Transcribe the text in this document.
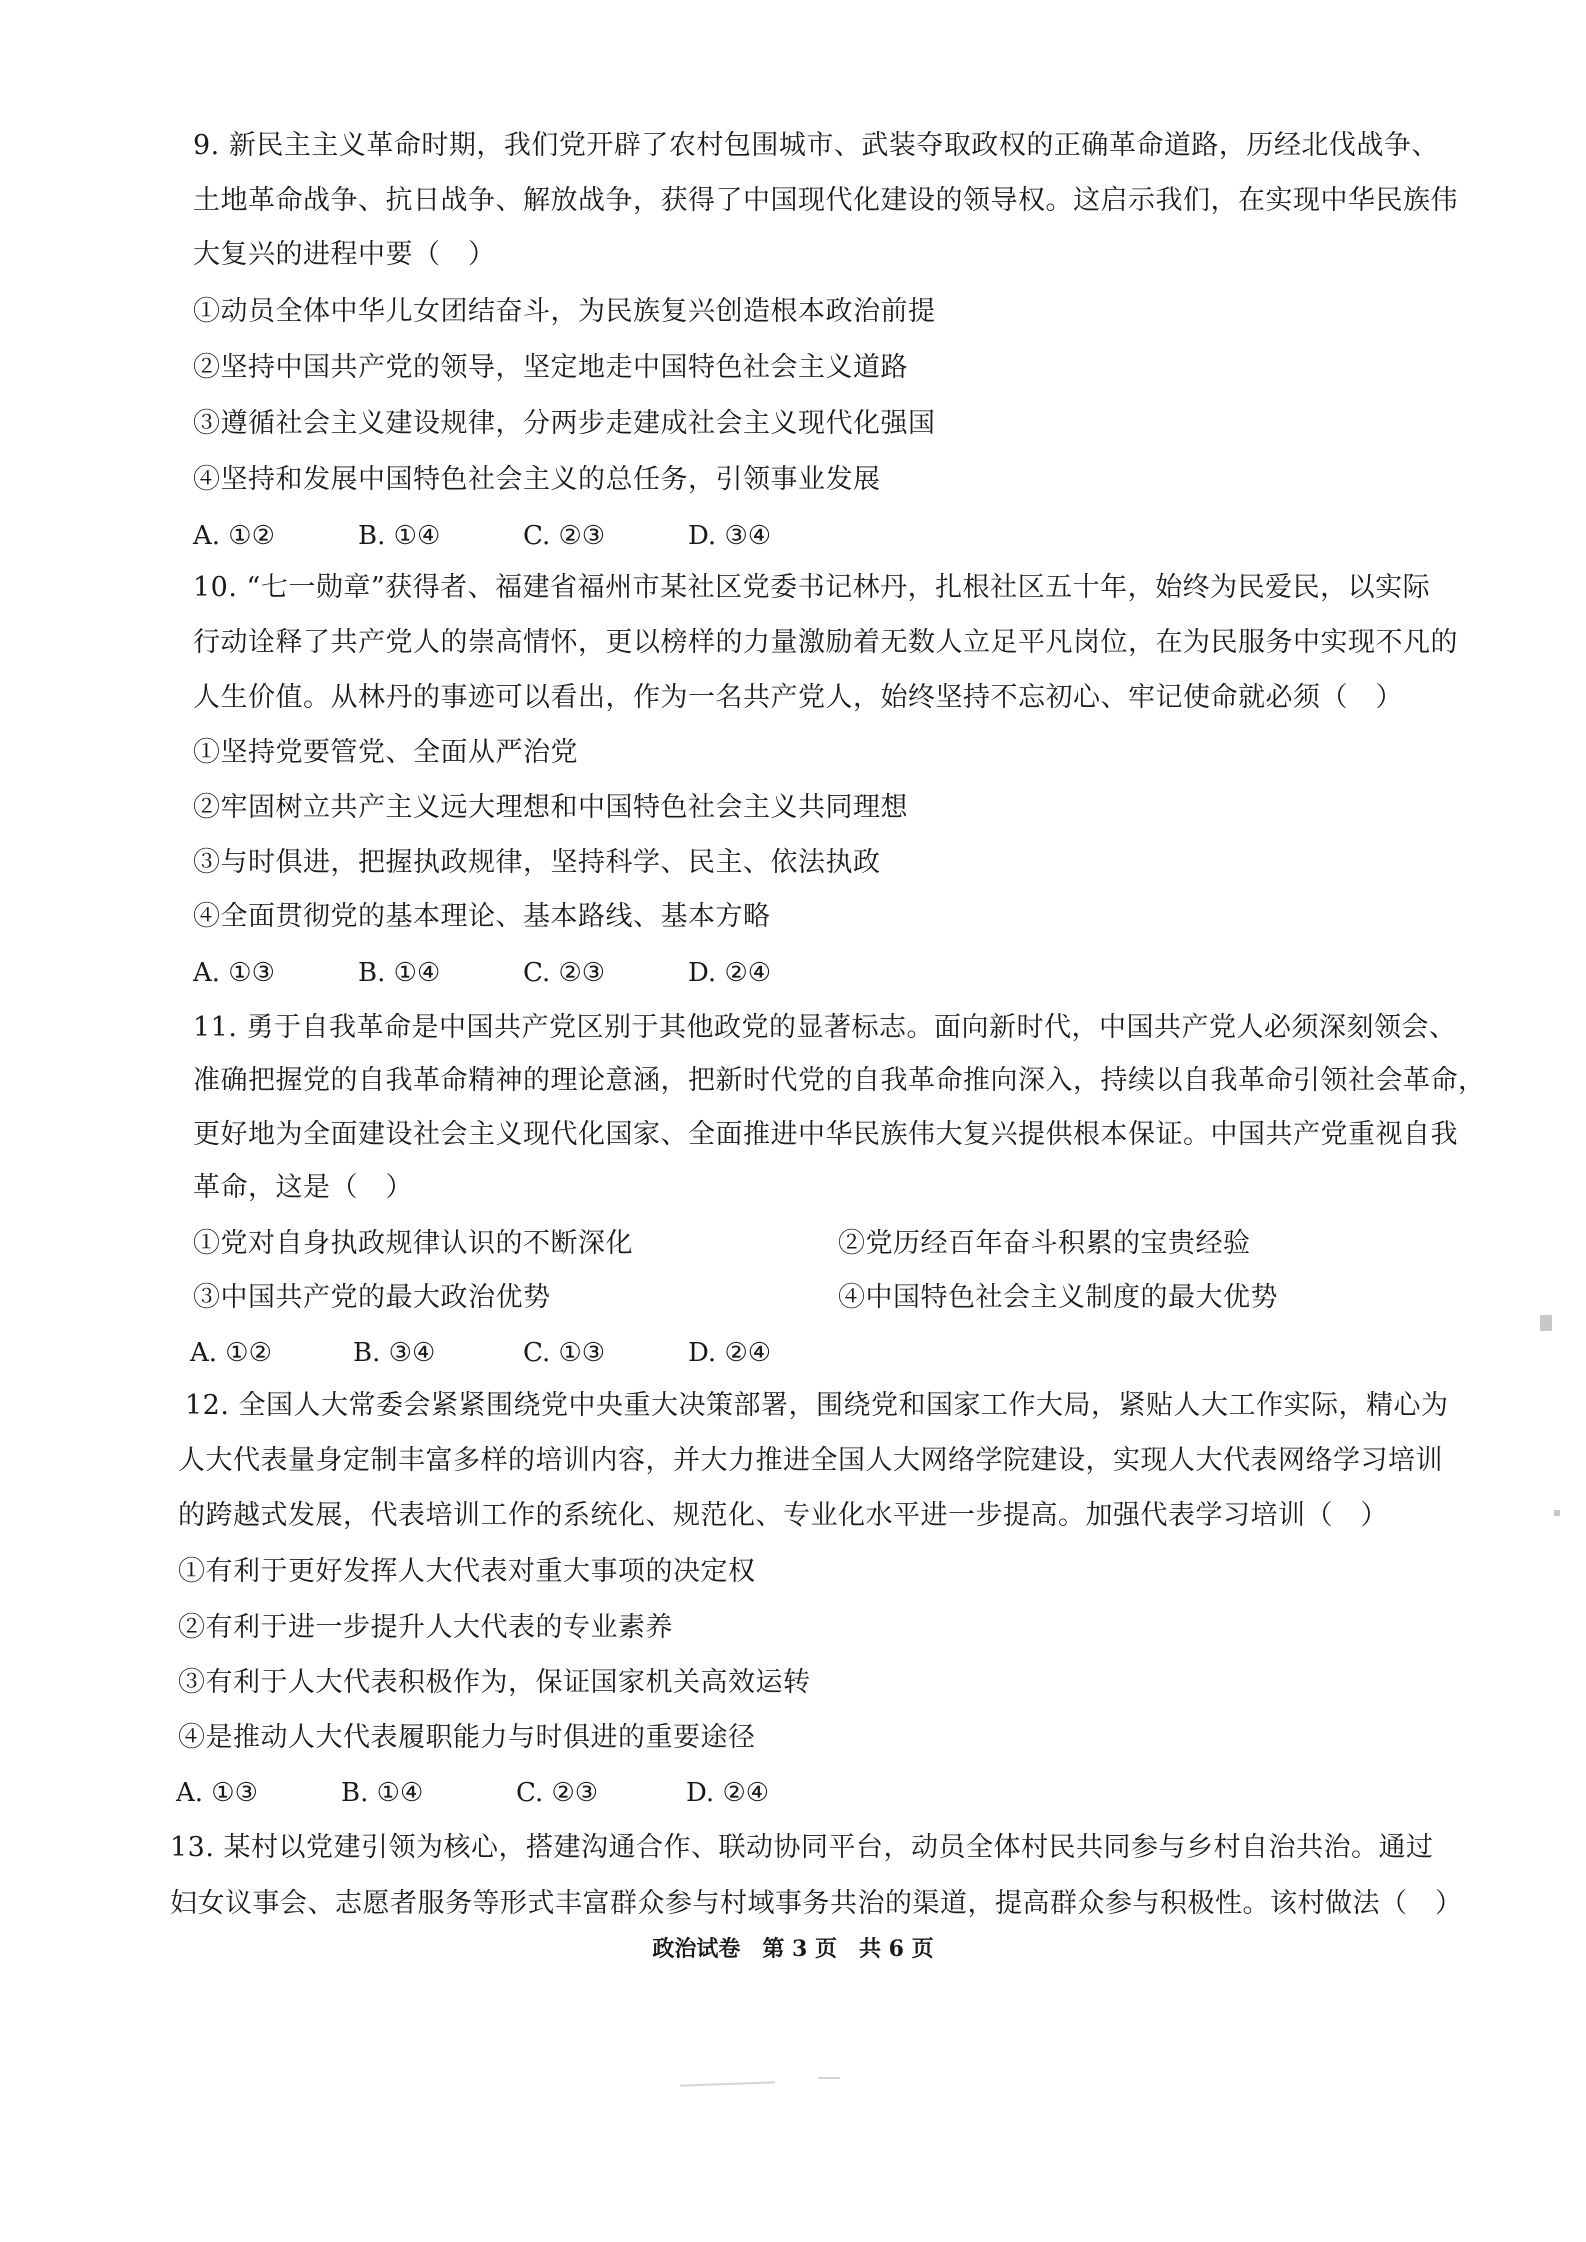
9. 新民主主义革命时期，我们党开辟了农村包围城市、武装夺取政权的正确革命道路，历经北伐战争、
土地革命战争、抗日战争、解放战争，获得了中国现代化建设的领导权。这启示我们，在实现中华民族伟
大复兴的进程中要（　）
①动员全体中华儿女团结奋斗，为民族复兴创造根本政治前提
②坚持中国共产党的领导，坚定地走中国特色社会主义道路
③遵循社会主义建设规律，分两步走建成社会主义现代化强国
④坚持和发展中国特色社会主义的总任务，引领事业发展
A. ①②	B. ①④	C. ②③	D. ③④
10. “七一勋章”获得者、福建省福州市某社区党委书记林丹，扎根社区五十年，始终为民爱民，以实际
行动诠释了共产党人的崇高情怀，更以榜样的力量激励着无数人立足平凡岗位，在为民服务中实现不凡的
人生价值。从林丹的事迹可以看出，作为一名共产党人，始终坚持不忘初心、牢记使命就必须（　）
①坚持党要管党、全面从严治党
②牢固树立共产主义远大理想和中国特色社会主义共同理想
③与时俱进，把握执政规律，坚持科学、民主、依法执政
④全面贯彻党的基本理论、基本路线、基本方略
A. ①③	B. ①④	C. ②③	D. ②④
11. 勇于自我革命是中国共产党区别于其他政党的显著标志。面向新时代，中国共产党人必须深刻领会、
准确把握党的自我革命精神的理论意涵，把新时代党的自我革命推向深入，持续以自我革命引领社会革命，
更好地为全面建设社会主义现代化国家、全面推进中华民族伟大复兴提供根本保证。中国共产党重视自我
革命，这是（　）
①党对自身执政规律认识的不断深化	②党历经百年奋斗积累的宝贵经验
③中国共产党的最大政治优势	④中国特色社会主义制度的最大优势
A. ①②	B. ③④	C. ①③	D. ②④
12. 全国人大常委会紧紧围绕党中央重大决策部署，围绕党和国家工作大局，紧贴人大工作实际，精心为
人大代表量身定制丰富多样的培训内容，并大力推进全国人大网络学院建设，实现人大代表网络学习培训
的跨越式发展，代表培训工作的系统化、规范化、专业化水平进一步提高。加强代表学习培训（　）
①有利于更好发挥人大代表对重大事项的决定权
②有利于进一步提升人大代表的专业素养
③有利于人大代表积极作为，保证国家机关高效运转
④是推动人大代表履职能力与时俱进的重要途径
A. ①③	B. ①④	C. ②③	D. ②④
13. 某村以党建引领为核心，搭建沟通合作、联动协同平台，动员全体村民共同参与乡村自治共治。通过
妇女议事会、志愿者服务等形式丰富群众参与村域事务共治的渠道，提高群众参与积极性。该村做法（　）
政治试卷　第 3 页　共 6 页
